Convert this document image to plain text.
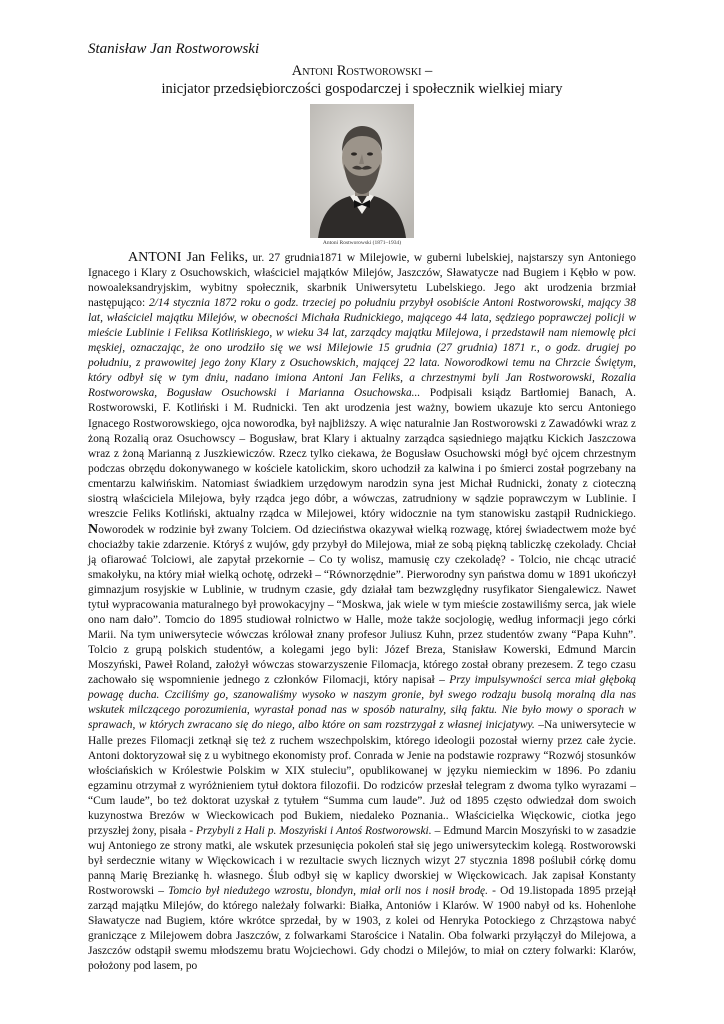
Stanisław Jan Rostworowski

Antoni Rostworowski –

inicjator przedsiębiorczości gospodarczej i społecznik wielkiej miary

Antoni Rostworowski (1871–1934)

ANTONI Jan Feliks, ur. 27 grudnia1871 w Milejowie, w guberni lubelskiej, najstarszy syn Antoniego Ignacego i Klary z Osuchowskich, właściciel majątków Milejów, Jaszczów, Sławatycze nad Bugiem i Kębło w pow. nowoaleksandryjskim, wybitny społecznik, skarbnik Uniwersytetu Lubelskiego. Jego akt urodzenia brzmiał następująco: 2/14 stycznia 1872 roku o godz. trzeciej po południu przybył osobiście Antoni Rostworowski, mający 38 lat, właściciel majątku Milejów, w obecności Michała Rudnickiego, mającego 44 lata, sędziego poprawczej policji w mieście Lublinie i Feliksa Kotlińskiego, w wieku 34 lat, zarządcy majątku Milejowa, i przedstawił nam niemowlę płci męskiej, oznaczając, że ono urodziło się we wsi Milejowie 15 grudnia (27 grudnia) 1871 r., o godz. drugiej po południu, z prawowitej jego żony Klary z Osuchowskich, mającej 22 lata. Noworodkowi temu na Chrzcie Świętym, który odbył się w tym dniu, nadano imiona Antoni Jan Feliks, a chrzestnymi byli Jan Rostworowski, Rozalia Rostworowska, Bogusław Osuchowski i Marianna Osuchowska... Podpisali ksiądz Bartłomiej Banach, A. Rostworowski, F. Kotliński i M. Rudnicki. Ten akt urodzenia jest ważny, bowiem ukazuje kto sercu Antoniego Ignacego Rostworowskiego, ojca noworodka, był najbliższy. A więc naturalnie Jan Rostworowski z Zawadówki wraz z żoną Rozalią oraz Osuchowscy – Bogusław, brat Klary i aktualny zarządca sąsiedniego majątku Kickich Jaszczowa wraz z żoną Marianną z Juszkiewiczów. Rzecz tylko ciekawa, że Bogusław Osuchowski mógł być ojcem chrzestnym podczas obrzędu dokonywanego w kościele katolickim, skoro uchodził za kalwina i po śmierci został pogrzebany na cmentarzu kalwińskim. Natomiast świadkiem urzędowym narodzin syna jest Michał Rudnicki, żonaty z cioteczną siostrą właściciela Milejowa, były rządca jego dóbr, a wówczas, zatrudniony w sądzie poprawczym w Lublinie. I wreszcie Feliks Kotliński, aktualny rządca w Milejowei, który widocznie na tym stanowisku zastąpił Rudnickiego. Noworodek w rodzinie był zwany Tolciem. Od dzieciństwa okazywał wielką rozwagę, której świadectwem może być chociażby takie zdarzenie. Któryś z wujów, gdy przybył do Milejowa, miał ze sobą piękną tabliczkę czekolady. Chciał ją ofiarować Tolciowi, ale zapytał przekornie – Co ty wolisz, mamusię czy czekoladę? - Tolcio, nie chcąc utracić smakołyku, na który miał wielką ochotę, odrzekł – “Równorzędnie”. Pierworodny syn państwa domu w 1891 ukończył gimnazjum rosyjskie w Lublinie, w trudnym czasie, gdy działał tam bezwzględny rusyfikator Siengalewicz. Nawet tytuł wypracowania maturalnego był prowokacyjny – “Moskwa, jak wiele w tym mieście zostawiliśmy serca, jak wiele ono nam dało”. Tomcio do 1895 studiował rolnictwo w Halle, może także socjologię, według informacji jego córki Marii. Na tym uniwersytecie wówczas królował znany profesor Juliusz Kuhn, przez studentów zwany “Papa Kuhn”. Tolcio z grupą polskich studentów, a kolegami jego byli: Józef Breza, Stanisław Kowerski, Edmund Marcin Moszyński, Paweł Roland, założył wówczas stowarzyszenie Filomacja, którego został obrany prezesem. Z tego czasu zachowało się wspomnienie jednego z członków Filomacji, który napisał – Przy impulsywności serca miał głęboką powagę ducha. Czciliśmy go, szanowaliśmy wysoko w naszym gronie, był swego rodzaju busolą moralną dla nas wskutek milczącego porozumienia, wyrastał ponad nas w sposób naturalny, siłą faktu. Nie było mowy o sporach w sprawach, w których zwracano się do niego, albo które on sam rozstrzygał z własnej inicjatywy. –Na uniwersytecie w Halle prezes Filomacji zetknął się też z ruchem wszechpolskim, którego ideologii pozostał wierny przez całe życie. Antoni doktoryzował się z u wybitnego ekonomisty prof. Conrada w Jenie na podstawie rozprawy “Rozwój stosunków włościańskich w Królestwie Polskim w XIX stuleciu”, opublikowanej w języku niemieckim w 1896. Po zdaniu egzaminu otrzymał z wyróżnieniem tytuł doktora filozofii. Do rodziców przesłał telegram z dwoma tylko wyrazami – “Cum laude”, bo też doktorat uzyskał z tytułem “Summa cum laude”. Już od 1895 często odwiedzał dom swoich kuzynostwa Brezów w Wieckowicach pod Bukiem, niedaleko Poznania.. Właścicielka Więckowic, ciotka jego przyszłej żony, pisała - Przybyli z Hali p. Moszyński i Antoś Rostworowski. – Edmund Marcin Moszyński to w zasadzie wuj Antoniego ze strony matki, ale wskutek przesunięcia pokoleń stał się jego uniwersyteckim kolegą. Rostworowski był serdecznie witany w Więckowicach i w rezultacie swych licznych wizyt 27 stycznia 1898 poślubił córkę domu panną Marię Breziankę h. własnego. Ślub odbył się w kaplicy dworskiej w Więckowicach. Jak zapisał Konstanty Rostworowski – Tomcio był niedużego wzrostu, blondyn, miał orli nos i nosił brodę. - Od 19.listopada 1895 przejął zarząd majątku Milejów, do którego należały folwarki: Białka, Antoniów i Klarów. W 1900 nabył od ks. Hohenlohe Sławatycze nad Bugiem, które wkrótce sprzedał, by w 1903, z kolei od Henryka Potockiego z Chrząstowa nabyć graniczące z Milejowem dobra Jaszczów, z folwarkami Starościce i Natalin. Oba folwarki przyłączył do Milejowa, a Jaszczów odstąpił swemu młodszemu bratu Wojciechowi. Gdy chodzi o Milejów, to miał on cztery folwarki: Klarów, położony pod lasem, po
